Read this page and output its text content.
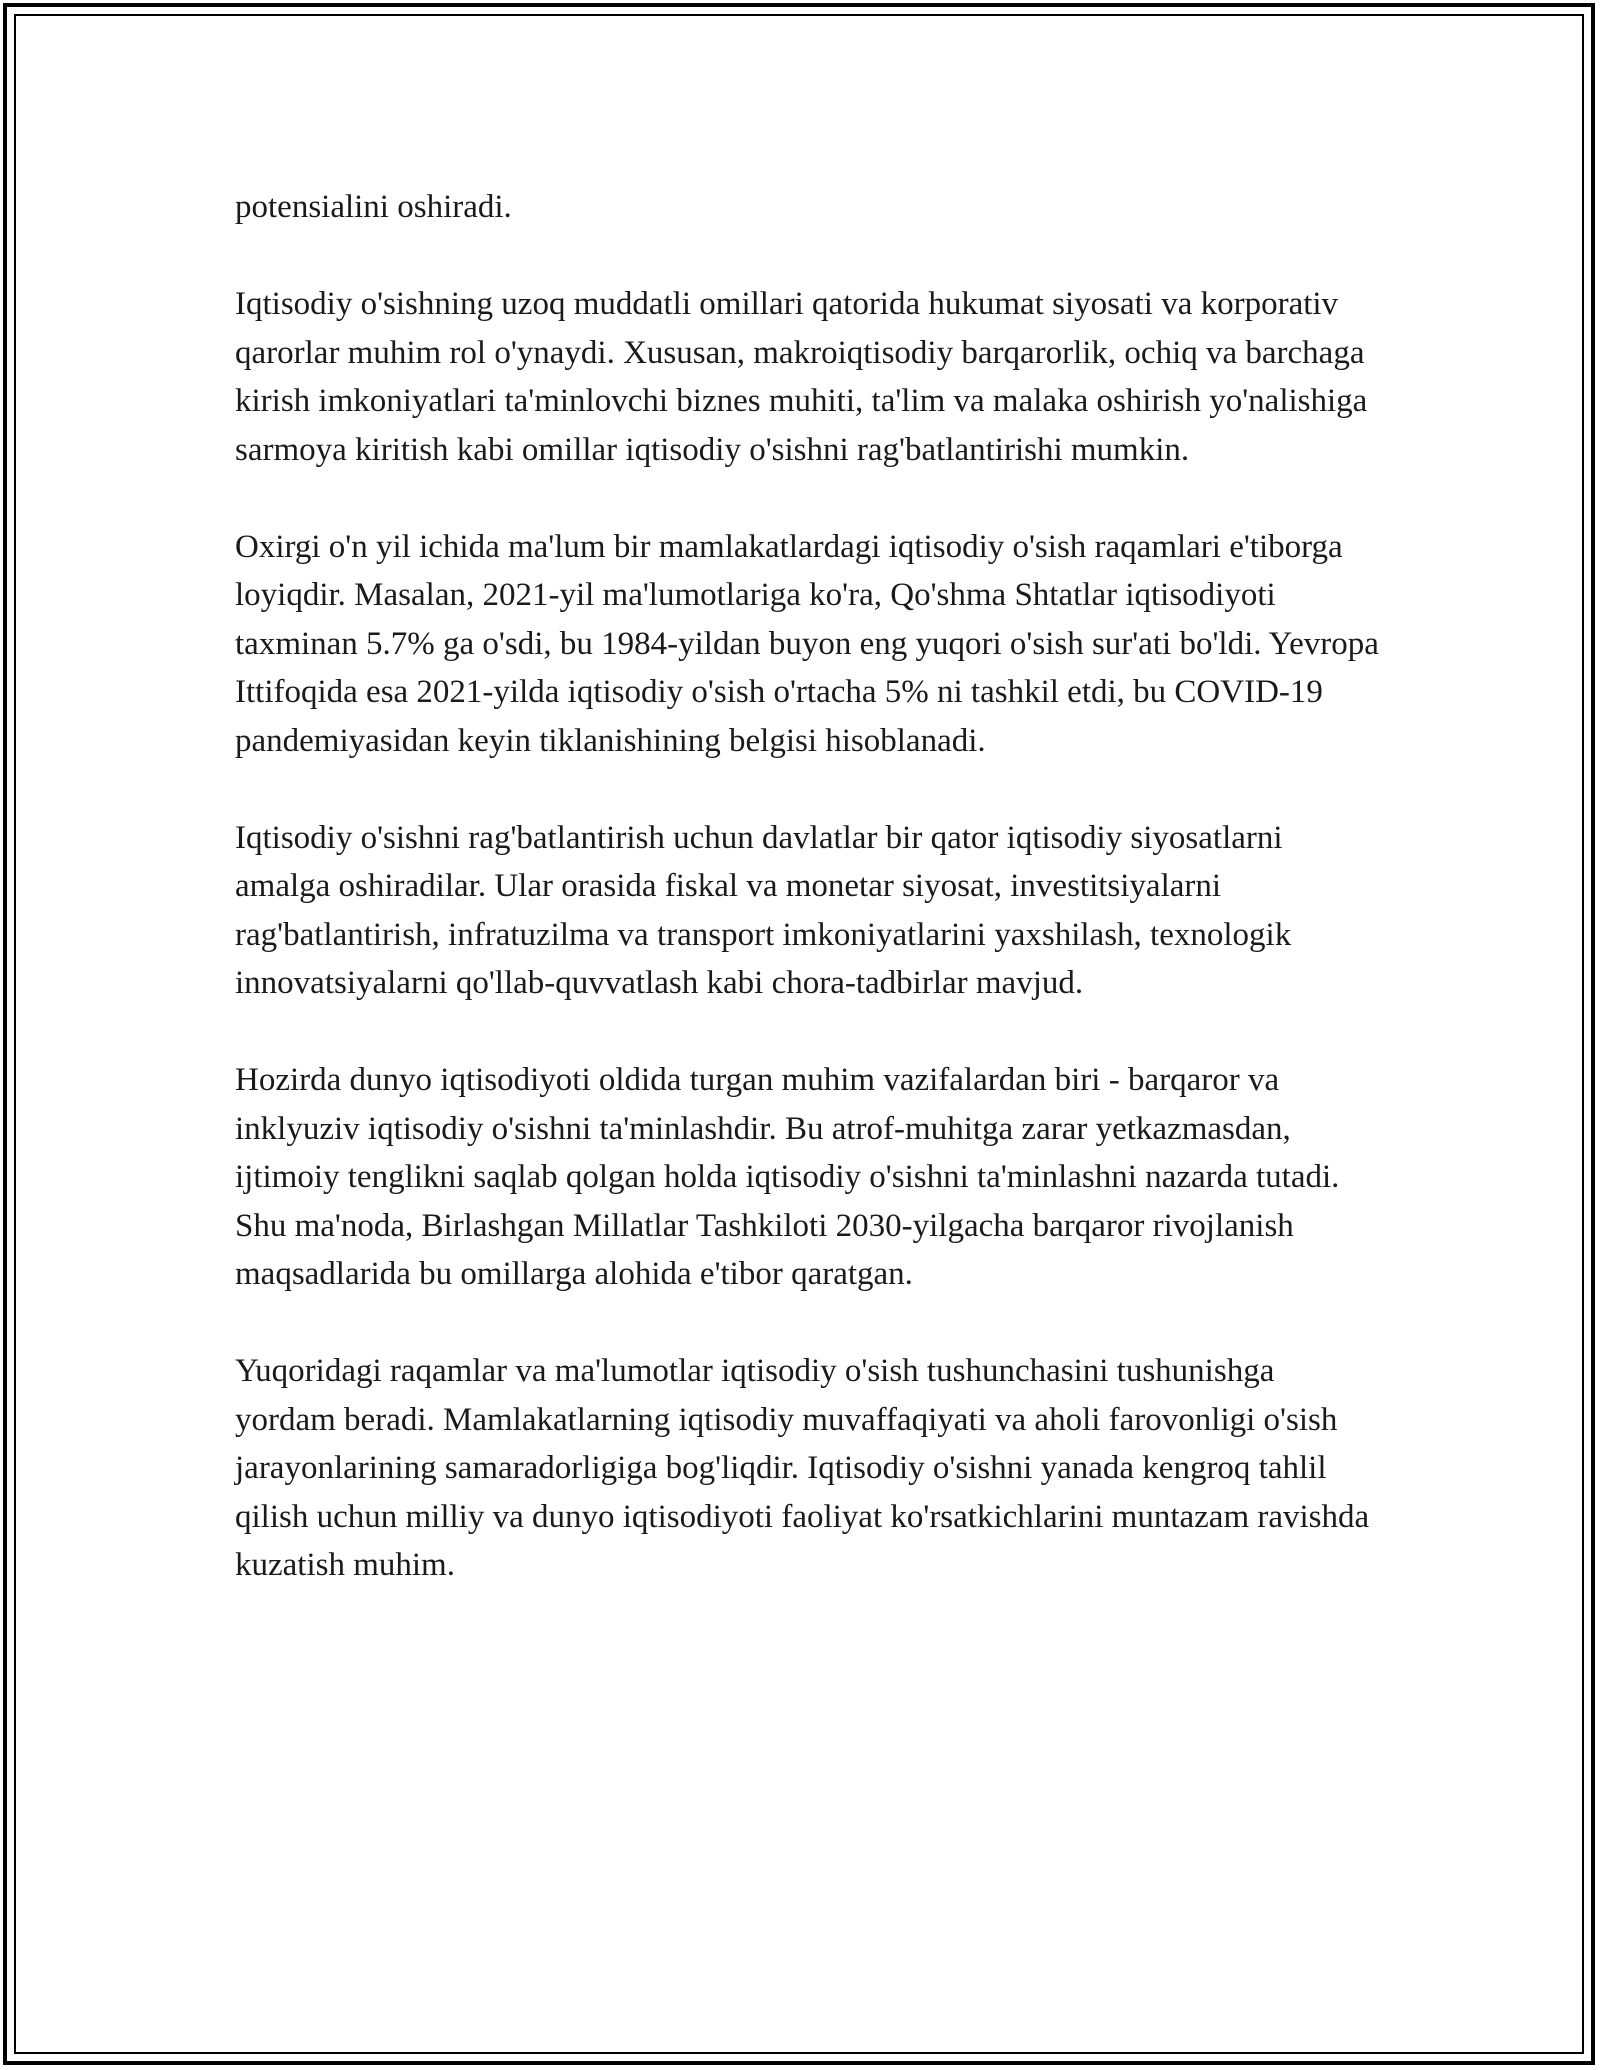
potensialini oshiradi.

Iqtisodiy o'sishning uzoq muddatli omillari qatorida hukumat siyosati va korporativ qarorlar muhim rol o'ynaydi. Xususan, makroiqtisodiy barqarorlik, ochiq va barchaga kirish imkoniyatlari ta'minlovchi biznes muhiti, ta'lim va malaka oshirish yo'nalishiga sarmoya kiritish kabi omillar iqtisodiy o'sishni rag'batlantirishi mumkin.

Oxirgi o'n yil ichida ma'lum bir mamlakatlardagi iqtisodiy o'sish raqamlari e'tiborga loyiqdir. Masalan, 2021-yil ma'lumotlariga ko'ra, Qo'shma Shtatlar iqtisodiyoti taxminan 5.7% ga o'sdi, bu 1984-yildan buyon eng yuqori o'sish sur'ati bo'ldi. Yevropa Ittifoqida esa 2021-yilda iqtisodiy o'sish o'rtacha 5% ni tashkil etdi, bu COVID-19 pandemiyasidan keyin tiklanishining belgisi hisoblanadi.

Iqtisodiy o'sishni rag'batlantirish uchun davlatlar bir qator iqtisodiy siyosatlarni amalga oshiradilar. Ular orasida fiskal va monetar siyosat, investitsiyalarni rag'batlantirish, infratuzilma va transport imkoniyatlarini yaxshilash, texnologik innovatsiyalarni qo'llab-quvvatlash kabi chora-tadbirlar mavjud.

Hozirda dunyo iqtisodiyoti oldida turgan muhim vazifalardan biri - barqaror va inklyuziv iqtisodiy o'sishni ta'minlashdir. Bu atrof-muhitga zarar yetkazmasdan, ijtimoiy tenglikni saqlab qolgan holda iqtisodiy o'sishni ta'minlashni nazarda tutadi. Shu ma'noda, Birlashgan Millatlar Tashkiloti 2030-yilgacha barqaror rivojlanish maqsadlarida bu omillarga alohida e'tibor qaratgan.

Yuqoridagi raqamlar va ma'lumotlar iqtisodiy o'sish tushunchasini tushunishga yordam beradi. Mamlakatlarning iqtisodiy muvaffaqiyati va aholi farovonligi o'sish jarayonlarining samaradorligiga bog'liqdir. Iqtisodiy o'sishni yanada kengroq tahlil qilish uchun milliy va dunyo iqtisodiyoti faoliyat ko'rsatkichlarini muntazam ravishda kuzatish muhim.
